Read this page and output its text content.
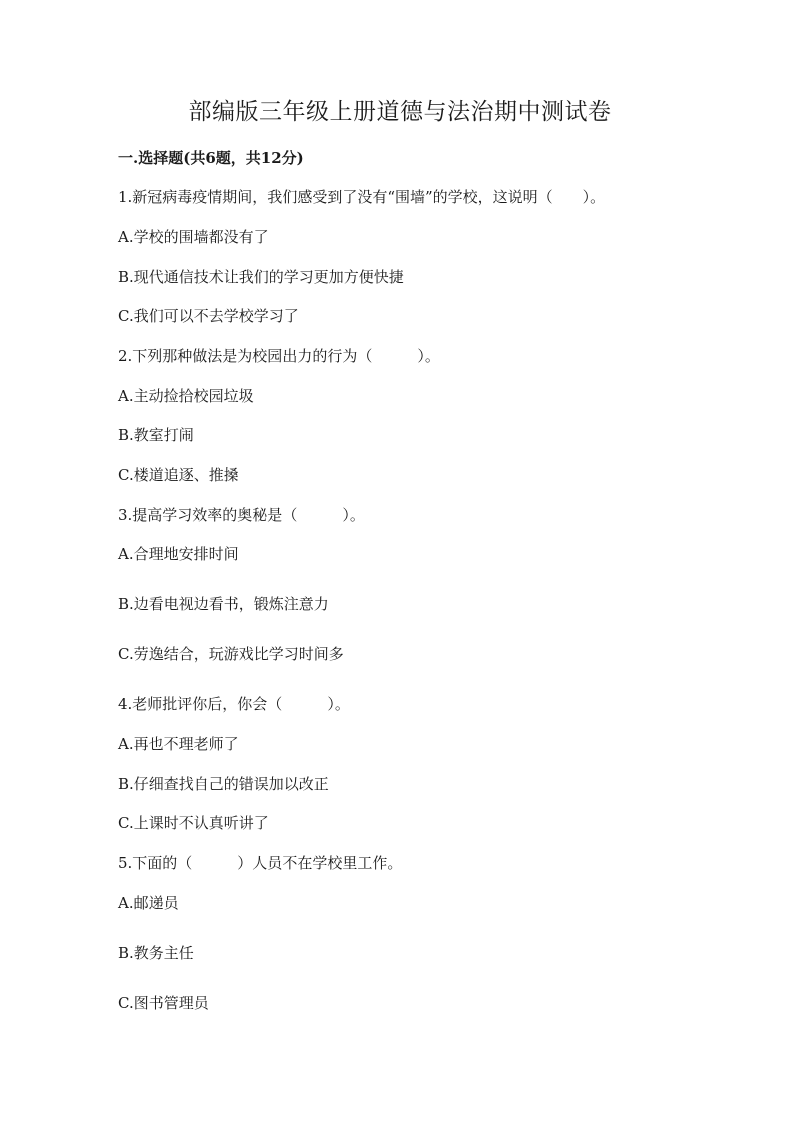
部编版三年级上册道德与法治期中测试卷
一.选择题(共6题，共12分)
1.新冠病毒疫情期间，我们感受到了没有“围墙”的学校，这说明（　　）。
A.学校的围墙都没有了
B.现代通信技术让我们的学习更加方便快捷
C.我们可以不去学校学习了
2.下列那种做法是为校园出力的行为（　　　）。
A.主动捡拾校园垃圾
B.教室打闹
C.楼道追逐、推搡
3.提高学习效率的奥秘是（　　　）。
A.合理地安排时间
B.边看电视边看书，锻炼注意力
C.劳逸结合，玩游戏比学习时间多
4.老师批评你后，你会（　　　）。
A.再也不理老师了
B.仔细查找自己的错误加以改正
C.上课时不认真听讲了
5.下面的（　　　）人员不在学校里工作。
A.邮递员
B.教务主任
C.图书管理员
